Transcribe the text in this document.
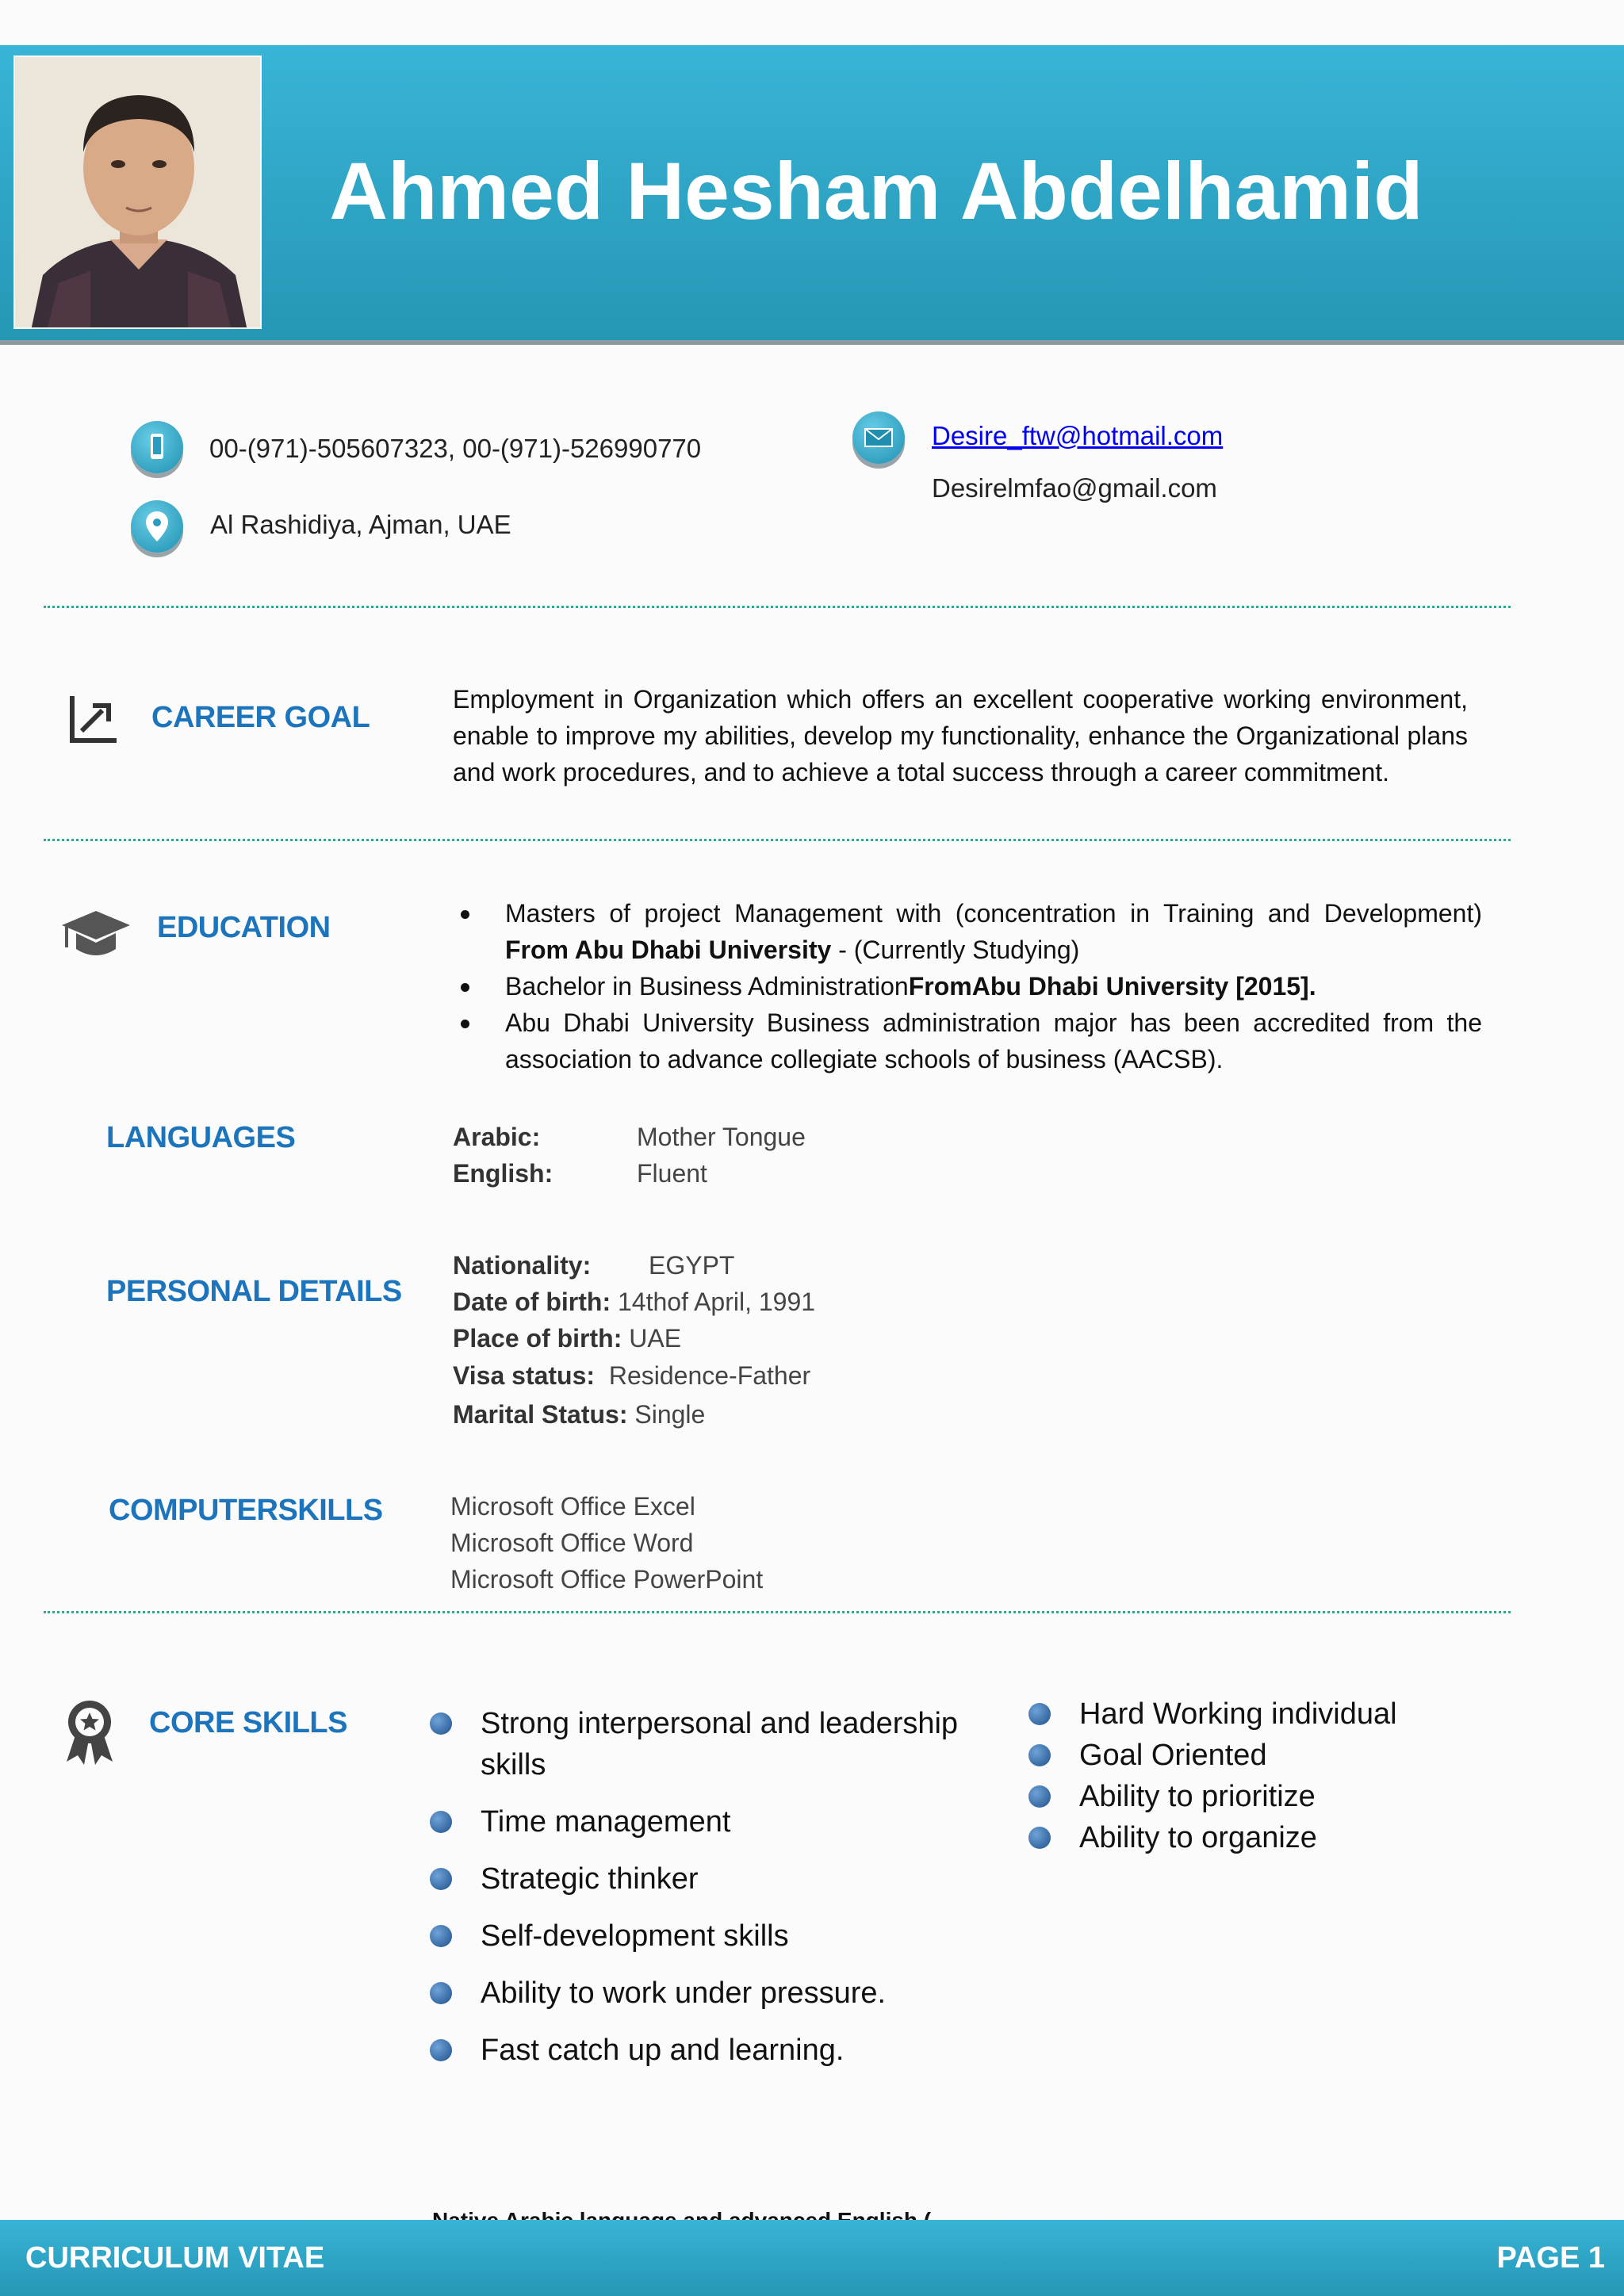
Ahmed Hesham Abdelhamid
00-(971)-505607323, 00-(971)-526990770
Al Rashidiya, Ajman, UAE
Desire_ftw@hotmail.com
Desirelmfao@gmail.com
CAREER GOAL
Employment in Organization which offers an excellent cooperative working environment, enable to improve my abilities, develop my functionality, enhance the Organizational plans and work procedures, and to achieve a total success through a career commitment.
EDUCATION	Masters of project Management with (concentration in Training and Development) From Abu Dhabi University - (Currently Studying)
Bachelor in Business AdministrationFromAbu Dhabi University [2015].
Abu Dhabi University Business administration major has been accredited from the association to advance collegiate schools of business (AACSB).
LANGUAGES	Arabic:	Mother Tongue
English:	Fluent
PERSONAL DETAILS
Nationality: EGYPT
Date of birth: 14thof April, 1991
Place of birth: UAE
Visa status: Residence-Father
Marital Status: Single
COMPUTERSKILLS	Microsoft Office Excel
Microsoft Office Word
Microsoft Office PowerPoint
CORE SKILLS	Strong interpersonal and leadership skills
Time management
Strategic thinker
Self-development skills
Ability to work under pressure.
Fast catch up and learning.
Hard Working individual
Goal Oriented
Ability to prioritize
Ability to organize
CURRICULUM VITAE	PAGE 1
